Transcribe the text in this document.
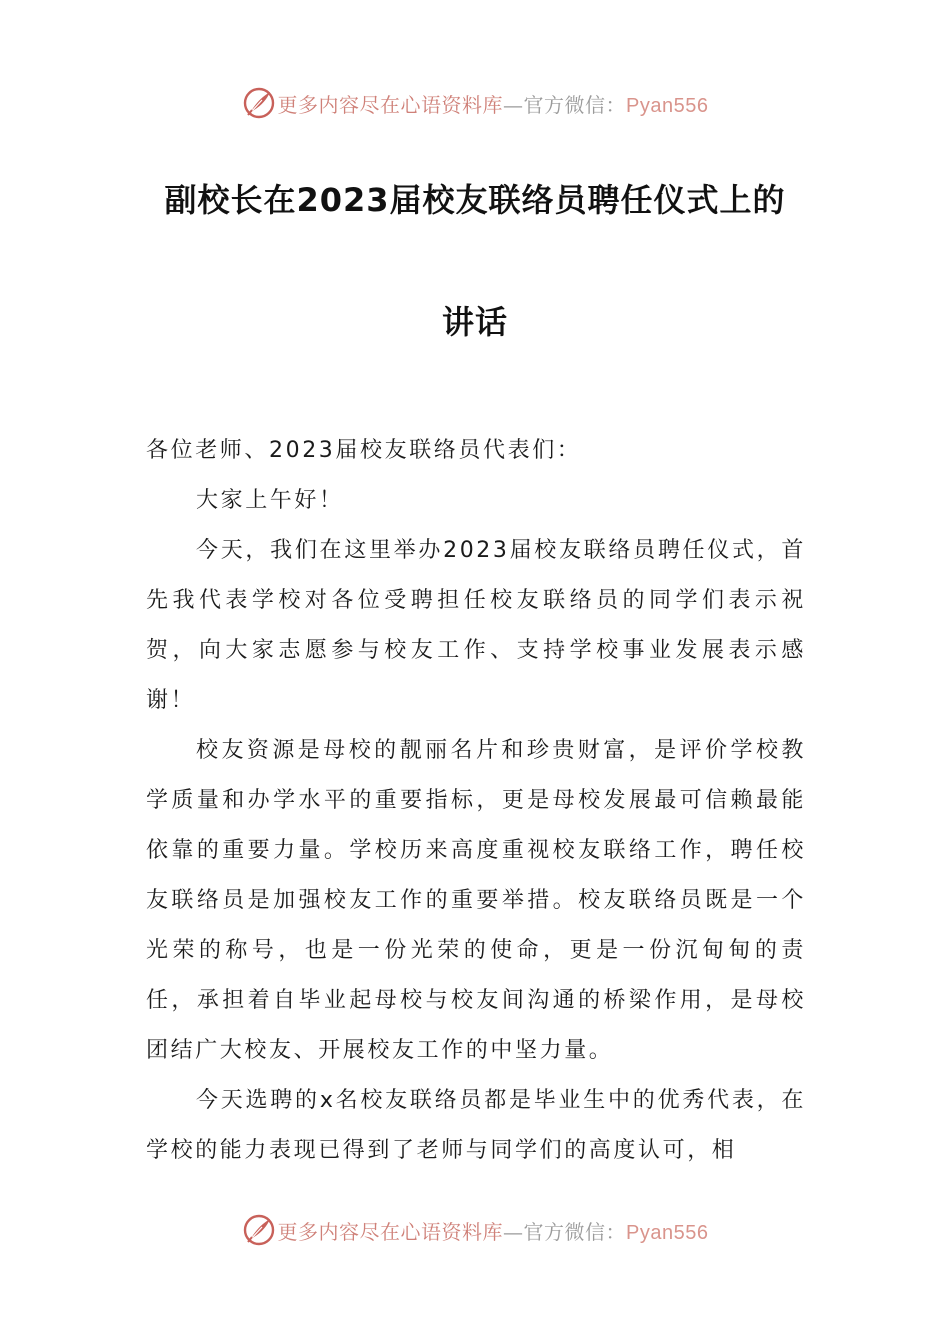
更多内容尽在心语资料库—官方微信：Pyan556
副校长在2023届校友联络员聘任仪式上的
讲话

各位老师、2023届校友联络员代表们：

大家上午好！

今天，我们在这里举办2023届校友联络员聘任仪式，首先我代表学校对各位受聘担任校友联络员的同学们表示祝贺，向大家志愿参与校友工作、支持学校事业发展表示感谢！

校友资源是母校的靓丽名片和珍贵财富，是评价学校教学质量和办学水平的重要指标，更是母校发展最可信赖最能依靠的重要力量。学校历来高度重视校友联络工作，聘任校友联络员是加强校友工作的重要举措。校友联络员既是一个光荣的称号，也是一份光荣的使命，更是一份沉甸甸的责任，承担着自毕业起母校与校友间沟通的桥梁作用，是母校团结广大校友、开展校友工作的中坚力量。

今天选聘的x名校友联络员都是毕业生中的优秀代表，在学校的能力表现已得到了老师与同学们的高度认可，相

更多内容尽在心语资料库—官方微信：Pyan556
